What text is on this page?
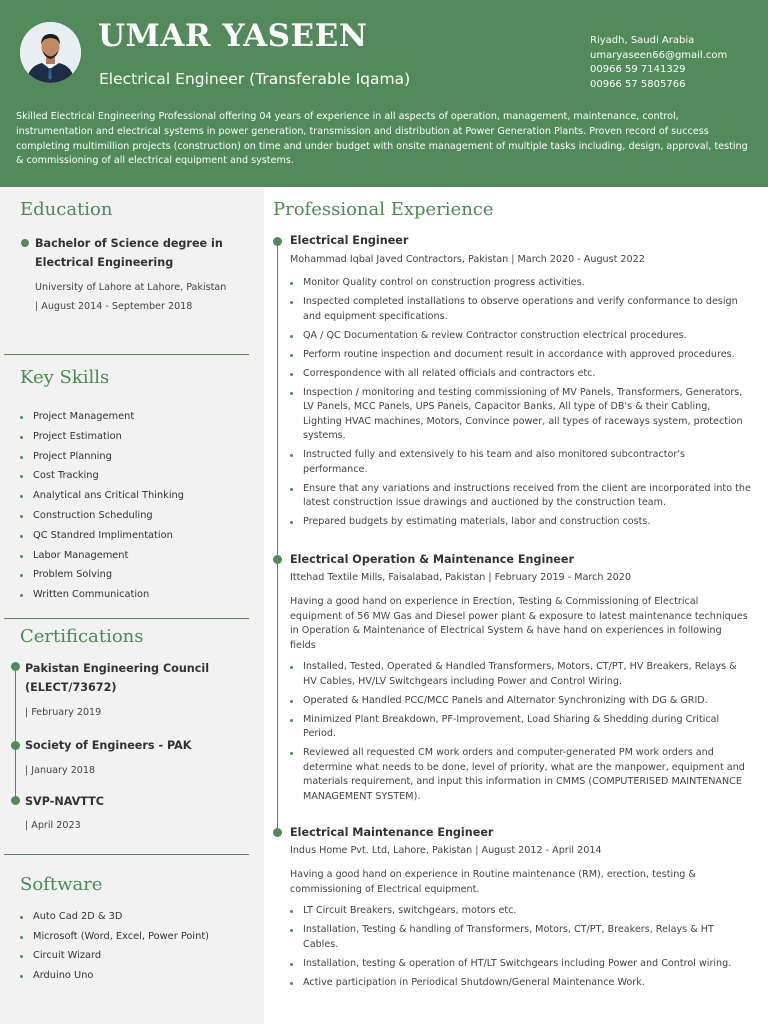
UMAR YASEEN
Electrical Engineer (Transferable Iqama)
Riyadh, Saudi Arabia
umaryaseen66@gmail.com
00966 59 7141329
00966 57 5805766
Skilled Electrical Engineering Professional offering 04 years of experience in all aspects of operation, management, maintenance, control, instrumentation and electrical systems in power generation, transmission and distribution at Power Generation Plants. Proven record of success completing multimillion projects (construction) on time and under budget with onsite management of multiple tasks including, design, approval, testing & commissioning of all electrical equipment and systems.
Education
Bachelor of Science degree in Electrical Engineering
University of Lahore at Lahore, Pakistan
| August 2014 - September 2018
Key Skills
Project Management
Project Estimation
Project Planning
Cost Tracking
Analytical ans Critical Thinking
Construction Scheduling
QC Standred Implimentation
Labor Management
Problem Solving
Written Communication
Certifications
Pakistan Engineering Council (ELECT/73672)
| February 2019
Society of Engineers - PAK
| January 2018
SVP-NAVTTC
| April 2023
Software
Auto Cad 2D & 3D
Microsoft (Word, Excel, Power Point)
Circuit Wizard
Arduino Uno
Professional Experience
Electrical Engineer
Mohammad Iqbal Javed Contractors, Pakistan | March 2020 - August 2022
Monitor Quality control on construction progress activities.
Inspected completed installations to observe operations and verify conformance to design and equipment specifications.
QA / QC Documentation & review Contractor construction electrical procedures.
Perform routine inspection and document result in accordance with approved procedures.
Correspondence with all related officials and contractors etc.
Inspection / monitoring and testing commissioning of MV Panels, Transformers, Generators, LV Panels, MCC Panels, UPS Panels, Capacitor Banks, All type of DB's & their Cabling, Lighting HVAC machines, Motors, Convince power, all types of raceways system, protection systems.
Instructed fully and extensively to his team and also monitored subcontractor's performance.
Ensure that any variations and instructions received from the client are incorporated into the latest construction issue drawings and auctioned by the construction team.
Prepared budgets by estimating materials, labor and construction costs.
Electrical Operation & Maintenance Engineer
Ittehad Textile Mills, Faisalabad, Pakistan | February 2019 - March 2020
Having a good hand on experience in Erection, Testing & Commissioning of Electrical equipment of 56 MW Gas and Diesel power plant & exposure to latest maintenance techniques in Operation & Maintenance of Electrical System & have hand on experiences in following fields
Installed, Tested, Operated & Handled Transformers, Motors, CT/PT, HV Breakers, Relays & HV Cables, HV/LV Switchgears including Power and Control Wiring.
Operated & Handled PCC/MCC Panels and Alternator Synchronizing with DG & GRID.
Minimized Plant Breakdown, PF-Improvement, Load Sharing & Shedding during Critical Period.
Reviewed all requested CM work orders and computer-generated PM work orders and determine what needs to be done, level of priority, what are the manpower, equipment and materials requirement, and input this information in CMMS (COMPUTERISED MAINTENANCE MANAGEMENT SYSTEM).
Electrical Maintenance Engineer
Indus Home Pvt. Ltd, Lahore, Pakistan | August 2012 - April 2014
Having a good hand on experience in Routine maintenance (RM), erection, testing & commissioning of Electrical equipment.
LT Circuit Breakers, switchgears, motors etc.
Installation, Testing & handling of Transformers, Motors, CT/PT, Breakers, Relays & HT Cables.
Installation, testing & operation of HT/LT Switchgears including Power and Control wiring.
Active participation in Periodical Shutdown/General Maintenance Work.
